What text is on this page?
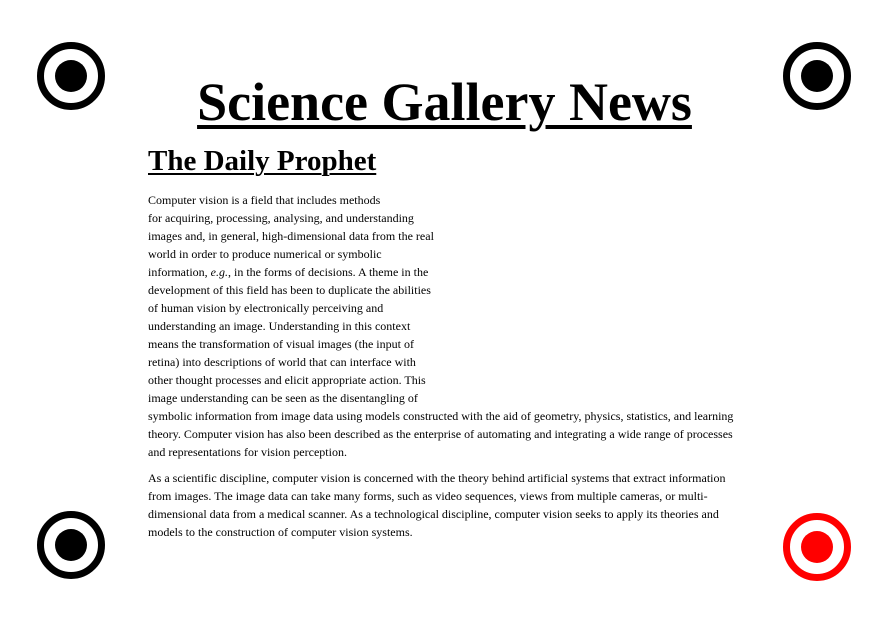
Science Gallery News
The Daily Prophet

Computer vision is a field that includes methods
for acquiring, processing, analysing, and understanding
images and, in general, high-dimensional data from the real
world in order to produce numerical or symbolic
information, e.g., in the forms of decisions. A theme in the
development of this field has been to duplicate the abilities
of human vision by electronically perceiving and
understanding an image. Understanding in this context
means the transformation of visual images (the input of
retina) into descriptions of world that can interface with
other thought processes and elicit appropriate action. This
image understanding can be seen as the disentangling of
symbolic information from image data using models constructed with the aid of geometry, physics, statistics, and learning
theory. Computer vision has also been described as the enterprise of automating and integrating a wide range of processes
and representations for vision perception.

As a scientific discipline, computer vision is concerned with the theory behind artificial systems that extract information from images. The image data can take many forms, such as video sequences, views from multiple cameras, or multi-dimensional data from a medical scanner. As a technological discipline, computer vision seeks to apply its theories and models to the construction of computer vision systems.
